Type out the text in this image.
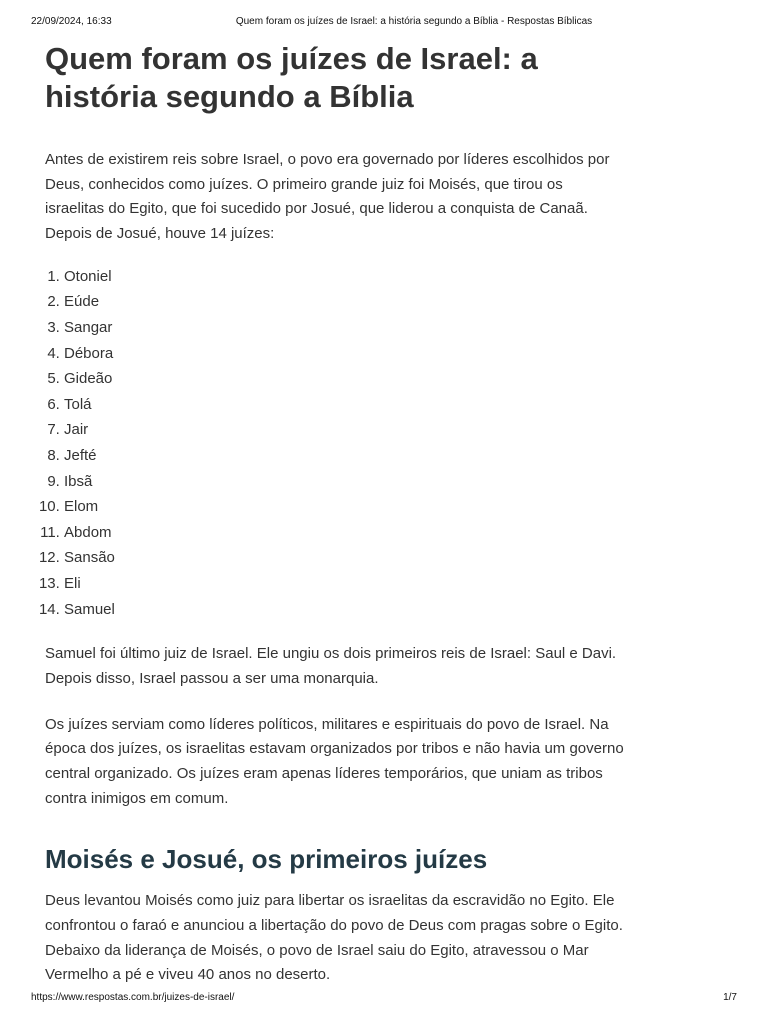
22/09/2024, 16:33	Quem foram os juízes de Israel: a história segundo a Bíblia - Respostas Bíblicas
Quem foram os juízes de Israel: a história segundo a Bíblia

Antes de existirem reis sobre Israel, o povo era governado por líderes escolhidos por Deus, conhecidos como juízes. O primeiro grande juiz foi Moisés, que tirou os israelitas do Egito, que foi sucedido por Josué, que liderou a conquista de Canaã. Depois de Josué, houve 14 juízes:

1. Otoniel
2. Eúde
3. Sangar
4. Débora
5. Gideão
6. Tolá
7. Jair
8. Jefté
9. Ibsã
10. Elom
11. Abdom
12. Sansão
13. Eli
14. Samuel

Samuel foi último juiz de Israel. Ele ungiu os dois primeiros reis de Israel: Saul e Davi. Depois disso, Israel passou a ser uma monarquia.

Os juízes serviam como líderes políticos, militares e espirituais do povo de Israel. Na época dos juízes, os israelitas estavam organizados por tribos e não havia um governo central organizado. Os juízes eram apenas líderes temporários, que uniam as tribos contra inimigos em comum.

Moisés e Josué, os primeiros juízes

Deus levantou Moisés como juiz para libertar os israelitas da escravidão no Egito. Ele confrontou o faraó e anunciou a libertação do povo de Deus com pragas sobre o Egito. Debaixo da liderança de Moisés, o povo de Israel saiu do Egito, atravessou o Mar Vermelho a pé e viveu 40 anos no deserto.

https://www.respostas.com.br/juizes-de-israel/	1/7
